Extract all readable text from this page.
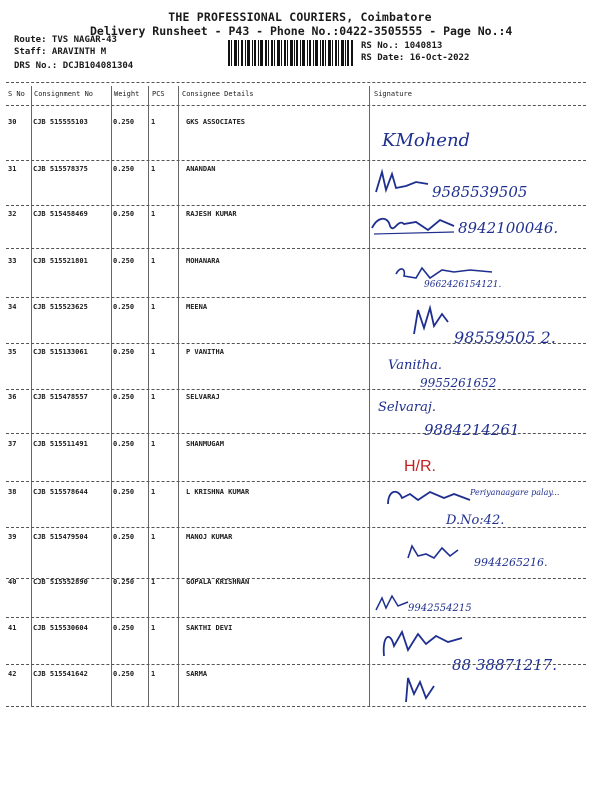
THE PROFESSIONAL COURIERS, Coimbatore
Delivery Runsheet - P43 - Phone No.:0422-3505555 - Page No.:4
Route: TVS NAGAR-43
Staff: ARAVINTH M
DRS No.: DCJB104081304
RS No.: 1040813
RS Date: 16-Oct-2022
S No Consignment No	Weight PCS Consignee Details	Signature
30 CJB 515555103	0.250 1	GKS ASSOCIATES
KMohend
31 CJB 515578375	0.250 1	ANANDAN
9585539505
32 CJB 515458469	0.250 1	RAJESH KUMAR
8942100046.
33 CJB 515521801	0.250 1	MOHANARA
9662426154121.
34 CJB 515523625	0.250 1	MEENA
98559505 2.
35 CJB 515133061	0.250 1	P VANITHA
Vanitha.
9955261652
36 CJB 515478557	0.250 1	SELVARAJ
Selvaraj.
9884214261
37 CJB 515511491	0.250 1	SHANMUGAM
H/R.
38 CJB 515578644	0.250 1	L KRISHNA KUMAR	Periyanaagare palay...
D.No:42.
39 CJB 515479504	0.250 1	MANOJ KUMAR
9944265216.
40 CJB 515552890	0.250 1	GOPALA KRISHNAN
9942554215
41 CJB 515530604	0.250 1	SAKTHI DEVI
88 38871217.
42 CJB 515541642	0.250 1	SARMA
